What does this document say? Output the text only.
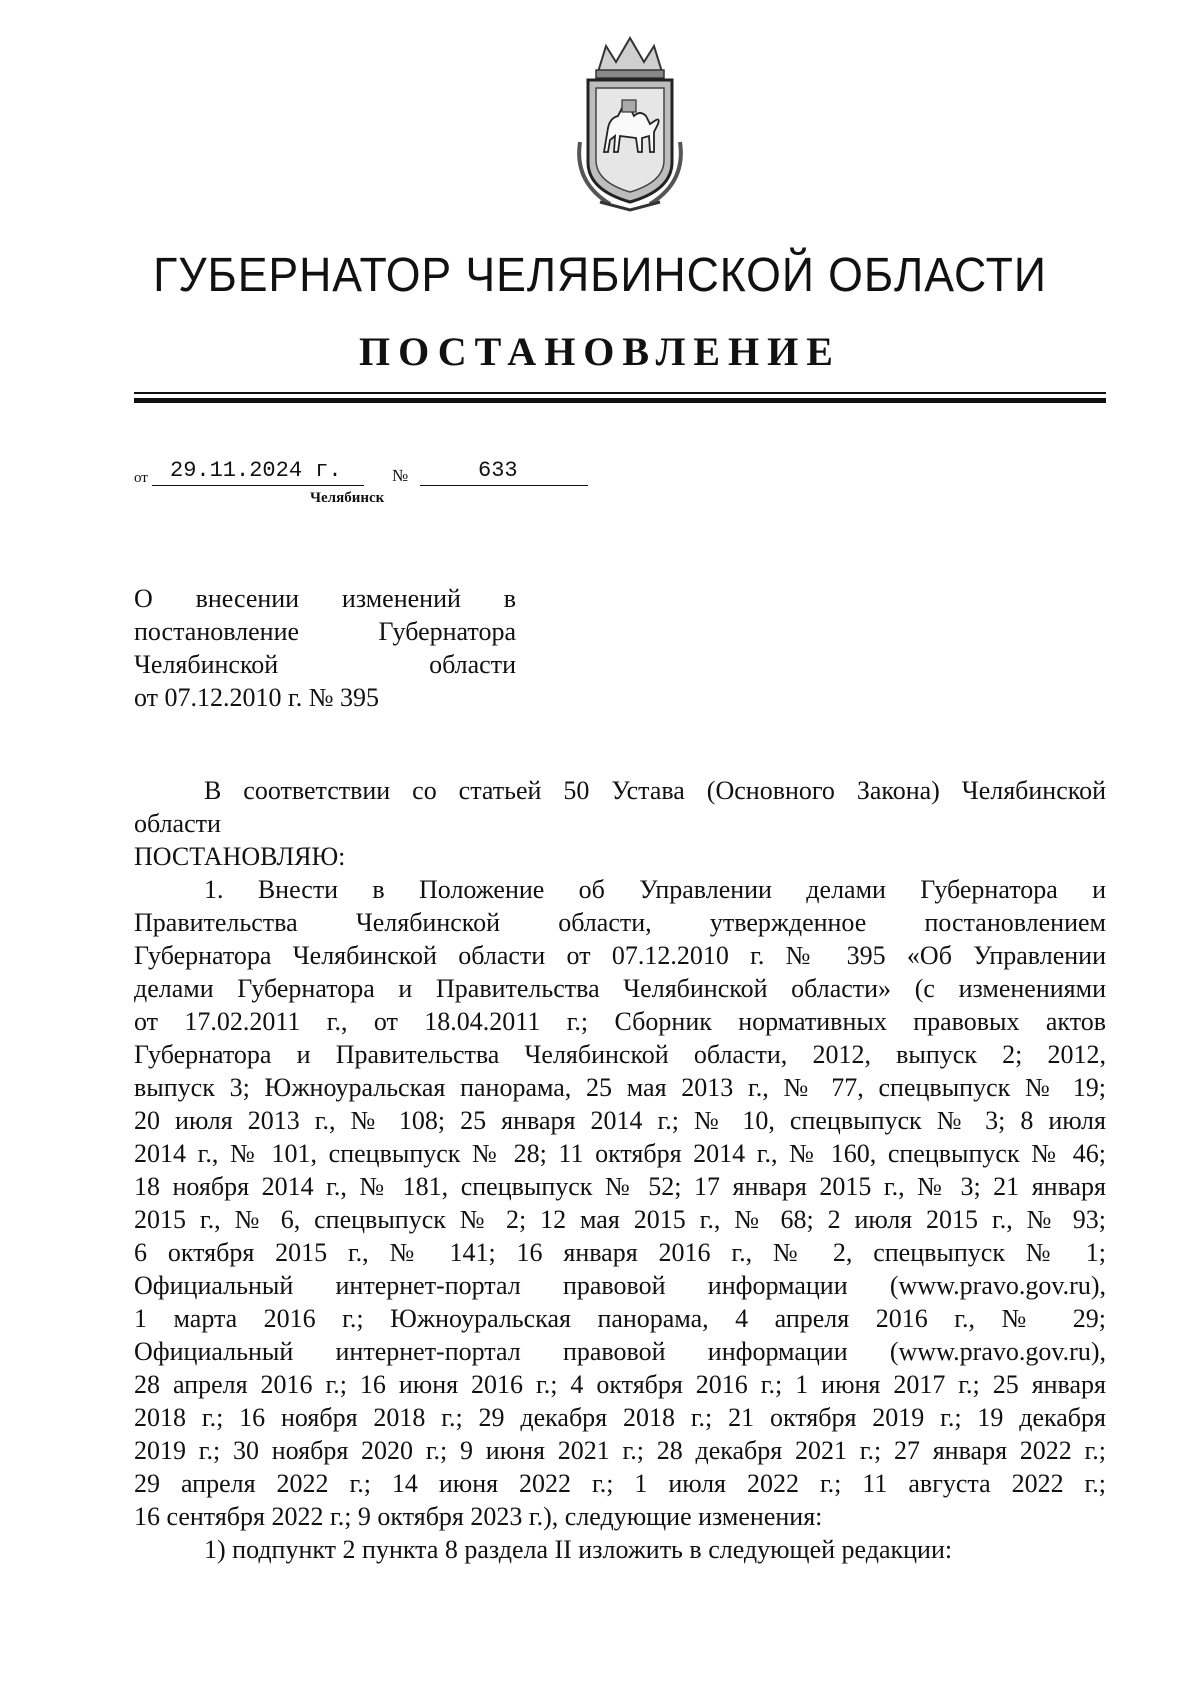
ГУБЕРНАТОР ЧЕЛЯБИНСКОЙ ОБЛАСТИ
ПОСТАНОВЛЕНИЕ
от	29.11.2024 г.	№	633
Челябинск
О внесении изменений в
постановление Губернатора
Челябинской области
от 07.12.2010 г. № 395
В соответствии со статьей 50 Устава (Основного Закона) Челябинской
области
ПОСТАНОВЛЯЮ:
1. Внести в Положение об Управлении делами Губернатора и
Правительства Челябинской области, утвержденное постановлением
Губернатора Челябинской области от 07.12.2010 г. № 395 «Об Управлении
делами Губернатора и Правительства Челябинской области» (с изменениями
от 17.02.2011 г., от 18.04.2011 г.; Сборник нормативных правовых актов
Губернатора и Правительства Челябинской области, 2012, выпуск 2; 2012,
выпуск 3; Южноуральская панорама, 25 мая 2013 г., № 77, спецвыпуск № 19;
20 июля 2013 г., № 108; 25 января 2014 г.; № 10, спецвыпуск № 3; 8 июля
2014 г., № 101, спецвыпуск № 28; 11 октября 2014 г., № 160, спецвыпуск № 46;
18 ноября 2014 г., № 181, спецвыпуск № 52; 17 января 2015 г., № 3; 21 января
2015 г., № 6, спецвыпуск № 2; 12 мая 2015 г., № 68; 2 июля 2015 г., № 93;
6 октября 2015 г., № 141; 16 января 2016 г., № 2, спецвыпуск № 1;
Официальный интернет-портал правовой информации (www.pravo.gov.ru),
1 марта 2016 г.; Южноуральская панорама, 4 апреля 2016 г., № 29;
Официальный интернет-портал правовой информации (www.pravo.gov.ru),
28 апреля 2016 г.; 16 июня 2016 г.; 4 октября 2016 г.; 1 июня 2017 г.; 25 января
2018 г.; 16 ноября 2018 г.; 29 декабря 2018 г.; 21 октября 2019 г.; 19 декабря
2019 г.; 30 ноября 2020 г.; 9 июня 2021 г.; 28 декабря 2021 г.; 27 января 2022 г.;
29 апреля 2022 г.; 14 июня 2022 г.; 1 июля 2022 г.; 11 августа 2022 г.;
16 сентября 2022 г.; 9 октября 2023 г.), следующие изменения:
1) подпункт 2 пункта 8 раздела II изложить в следующей редакции:
